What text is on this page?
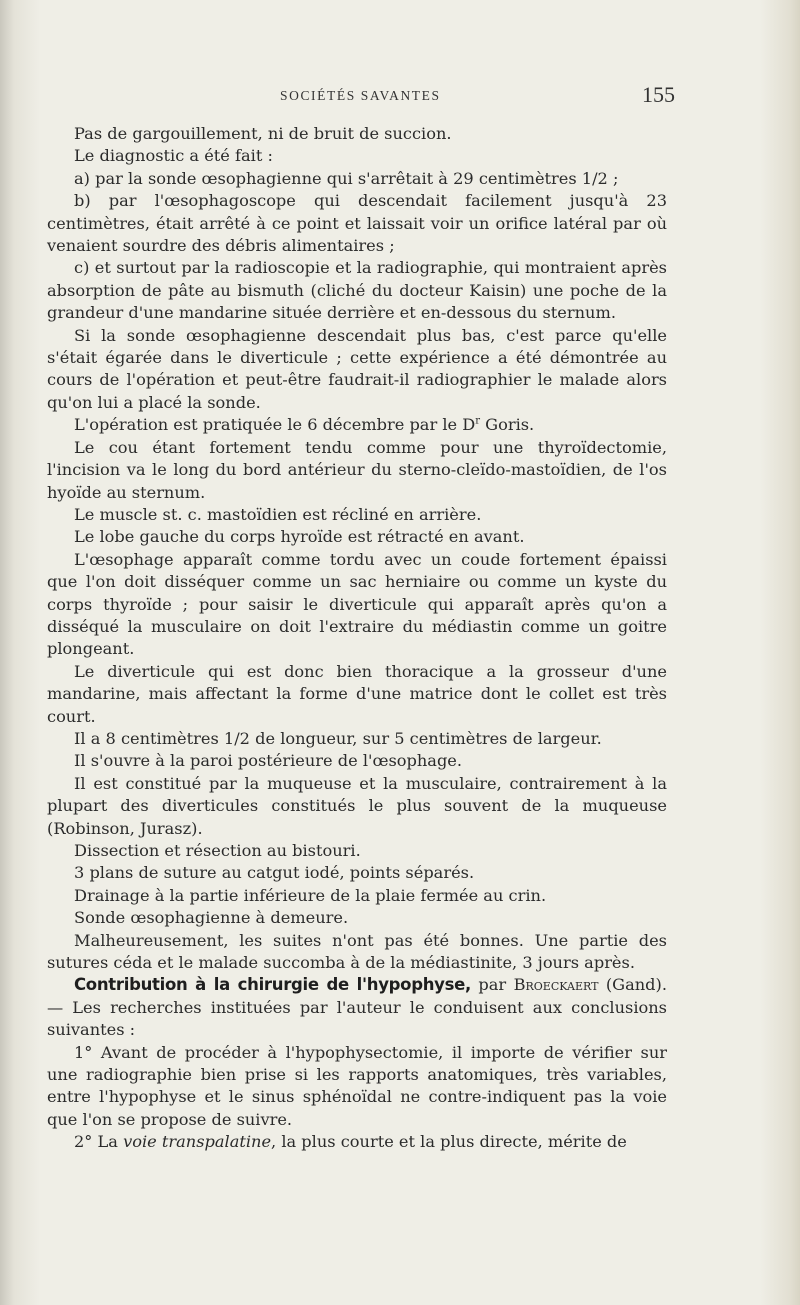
SOCIÉTÉS SAVANTES	155

Pas de gargouillement, ni de bruit de succion.

Le diagnostic a été fait :

a) par la sonde œsophagienne qui s'arrêtait à 29 centimètres 1/2 ;

b) par l'œsophagoscope qui descendait facilement jusqu'à 23 centimètres, était arrêté à ce point et laissait voir un orifice latéral par où venaient sourdre des débris alimentaires ;

c) et surtout par la radioscopie et la radiographie, qui montraient après absorption de pâte au bismuth (cliché du docteur Kaisin) une poche de la grandeur d'une mandarine située derrière et en-dessous du sternum.

Si la sonde œsophagienne descendait plus bas, c'est parce qu'elle s'était égarée dans le diverticule ; cette expérience a été démontrée au cours de l'opération et peut-être faudrait-il radiographier le malade alors qu'on lui a placé la sonde.

L'opération est pratiquée le 6 décembre par le $D^r$ Goris.

Le cou étant fortement tendu comme pour une thyroïdectomie, l'incision va le long du bord antérieur du sterno-cleïdo-mastoïdien, de l'os hyoïde au sternum.

Le muscle st. c. mastoïdien est récliné en arrière.

Le lobe gauche du corps hyroïde est rétracté en avant.

L'œsophage apparaît comme tordu avec un coude fortement épaissi que l'on doit disséquer comme un sac herniaire ou comme un kyste du corps thyroïde ; pour saisir le diverticule qui apparaît après qu'on a disséqué la musculaire on doit l'extraire du médiastin comme un goitre plongeant.

Le diverticule qui est donc bien thoracique a la grosseur d'une mandarine, mais affectant la forme d'une matrice dont le collet est très court.

Il a 8 centimètres 1/2 de longueur, sur 5 centimètres de largeur.

Il s'ouvre à la paroi postérieure de l'œsophage.

Il est constitué par la muqueuse et la musculaire, contrairement à la plupart des diverticules constitués le plus souvent de la muqueuse (Robinson, Jurasz).

Dissection et résection au bistouri.

3 plans de suture au catgut iodé, points séparés.

Drainage à la partie inférieure de la plaie fermée au crin.

Sonde œsophagienne à demeure.

Malheureusement, les suites n'ont pas été bonnes. Une partie des sutures céda et le malade succomba à de la médiastinite, 3 jours après.

Contribution à la chirurgie de l'hypophyse, par Broeckaert (Gand). — Les recherches instituées par l'auteur le conduisent aux conclusions suivantes :

1° Avant de procéder à l'hypophysectomie, il importe de vérifier sur une radiographie bien prise si les rapports anatomiques, très variables, entre l'hypophyse et le sinus sphénoïdal ne contre-indiquent pas la voie que l'on se propose de suivre.

2° La voie transpalatine, la plus courte et la plus directe, mérite de
